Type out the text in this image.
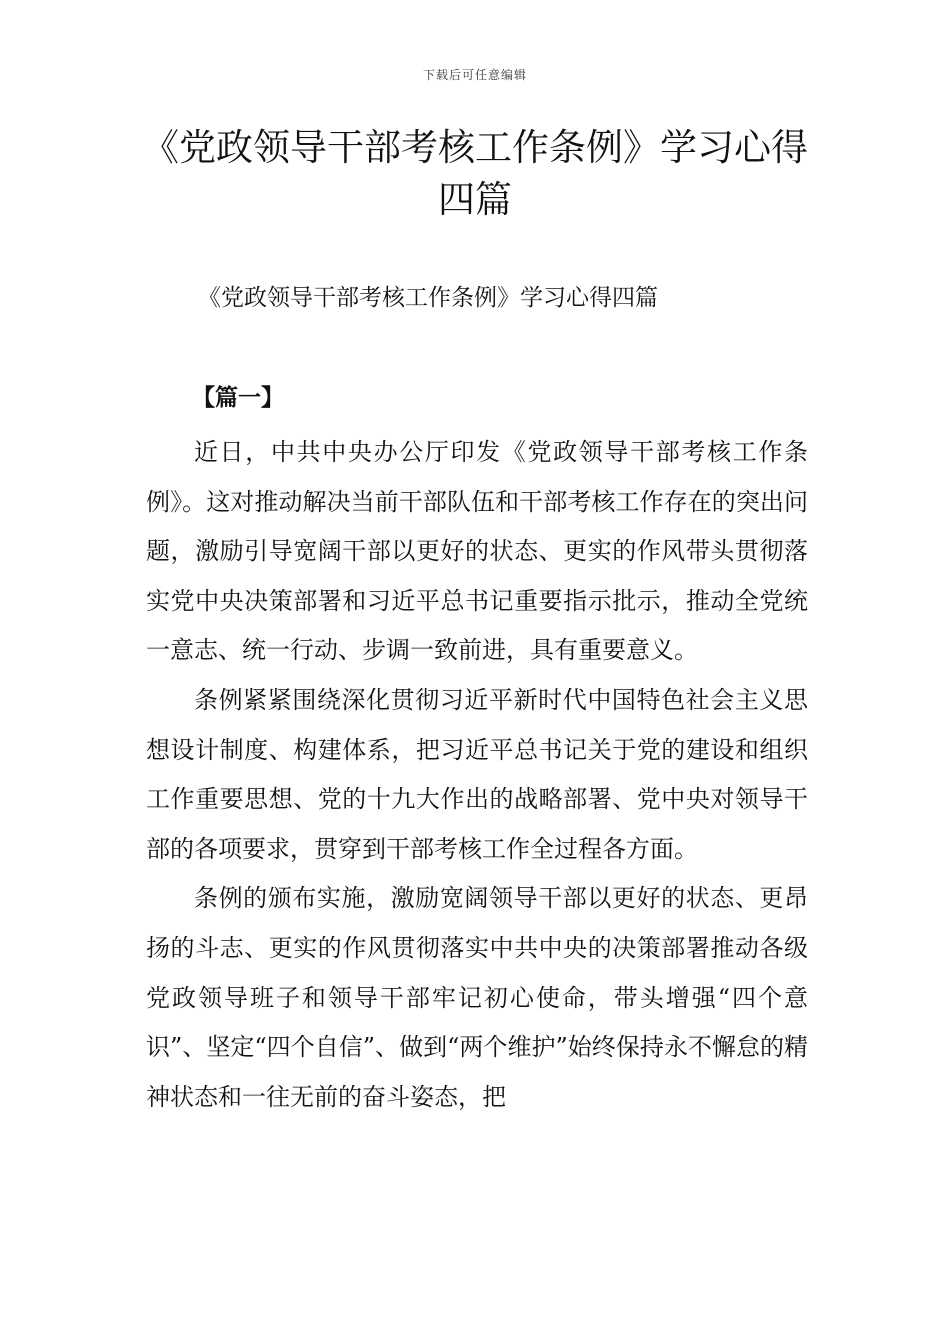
下载后可任意编辑
《党政领导干部考核工作条例》学习心得
四篇
《党政领导干部考核工作条例》学习心得四篇
【篇一】

近日，中共中央办公厅印发《党政领导干部考核工作条例》。这对推动解决当前干部队伍和干部考核工作存在的突出问题，激励引导宽阔干部以更好的状态、更实的作风带头贯彻落实党中央决策部署和习近平总书记重要指示批示，推动全党统一意志、统一行动、步调一致前进，具有重要意义。

条例紧紧围绕深化贯彻习近平新时代中国特色社会主义思想设计制度、构建体系，把习近平总书记关于党的建设和组织工作重要思想、党的十九大作出的战略部署、党中央对领导干部的各项要求，贯穿到干部考核工作全过程各方面。

条例的颁布实施，激励宽阔领导干部以更好的状态、更昂扬的斗志、更实的作风贯彻落实中共中央的决策部署推动各级党政领导班子和领导干部牢记初心使命，带头增强“四个意识”、坚定“四个自信”、做到“两个维护”始终保持永不懈怠的精神状态和一往无前的奋斗姿态，把
